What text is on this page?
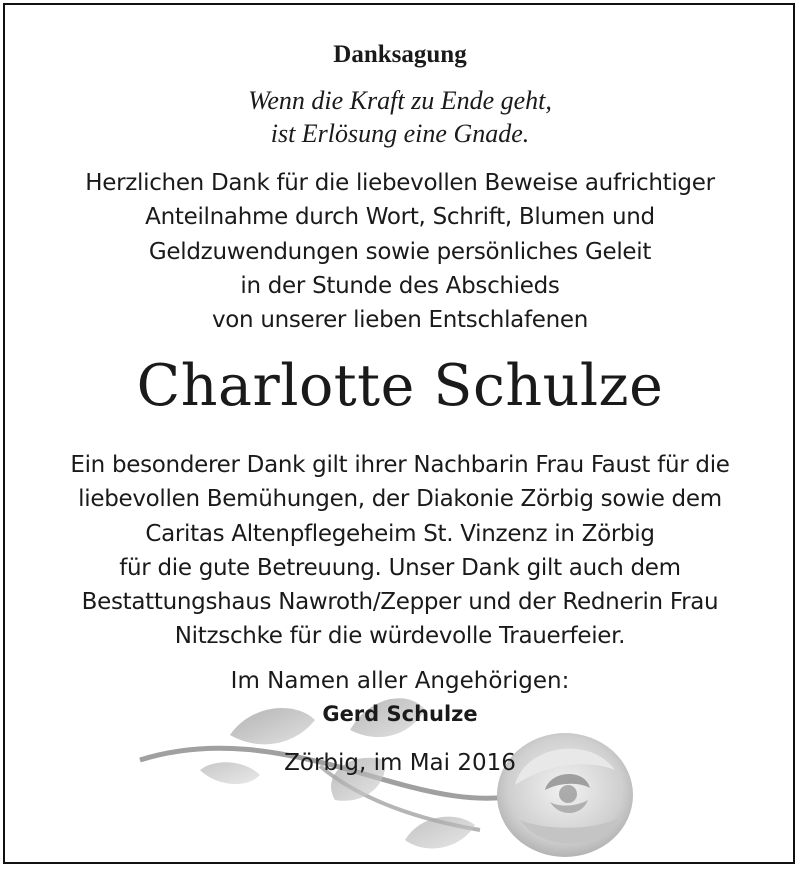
Danksagung
Wenn die Kraft zu Ende geht,
ist Erlösung eine Gnade.
Herzlichen Dank für die liebevollen Beweise aufrichtiger
Anteilnahme durch Wort, Schrift, Blumen und
Geldzuwendungen sowie persönliches Geleit
in der Stunde des Abschieds
von unserer lieben Entschlafenen
Charlotte Schulze
Ein besonderer Dank gilt ihrer Nachbarin Frau Faust für die
liebevollen Bemühungen, der Diakonie Zörbig sowie dem
Caritas Altenpflegeheim St. Vinzenz in Zörbig
für die gute Betreuung. Unser Dank gilt auch dem
Bestattungshaus Nawroth/Zepper und der Rednerin Frau
Nitzschke für die würdevolle Trauerfeier.
Im Namen aller Angehörigen:
Gerd Schulze
Zörbig, im Mai 2016
